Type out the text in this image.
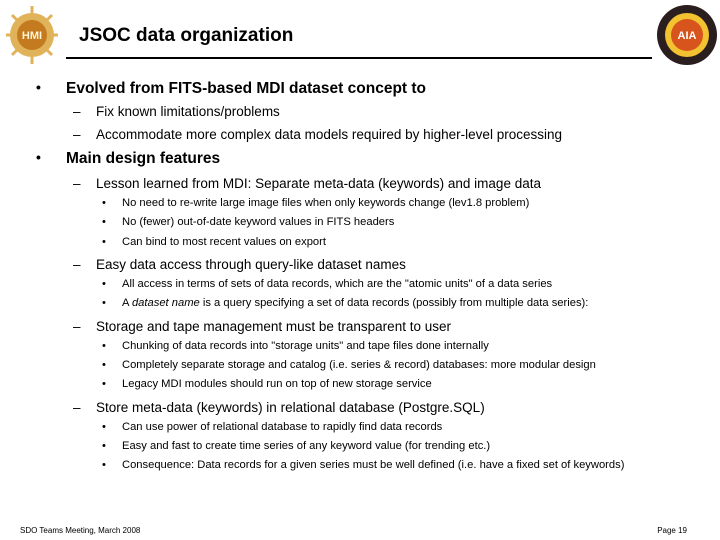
HMI	AIA
JSOC data organization
• Evolved from FITS-based MDI dataset concept to
– Fix known limitations/problems
– Accommodate more complex data models required by higher-level processing
• Main design features
– Lesson learned from MDI: Separate meta-data (keywords) and image data
• No need to re-write large image files when only keywords change (lev1.8 problem)
• No (fewer) out-of-date keyword values in FITS headers
• Can bind to most recent values on export
– Easy data access through query-like dataset names
• All access in terms of sets of data records, which are the "atomic units" of a data series
• A dataset name is a query specifying a set of data records (possibly from multiple data series):
– Storage and tape management must be transparent to user
• Chunking of data records into "storage units" and tape files done internally
• Completely separate storage and catalog (i.e. series & record) databases: more modular design
• Legacy MDI modules should run on top of new storage service
– Store meta-data (keywords) in relational database (Postgre.SQL)
• Can use power of relational database to rapidly find data records
• Easy and fast to create time series of any keyword value (for trending etc.)
• Consequence: Data records for a given series must be well defined (i.e. have a fixed set of keywords)
SDO Teams Meeting, March 2008	Page 19
